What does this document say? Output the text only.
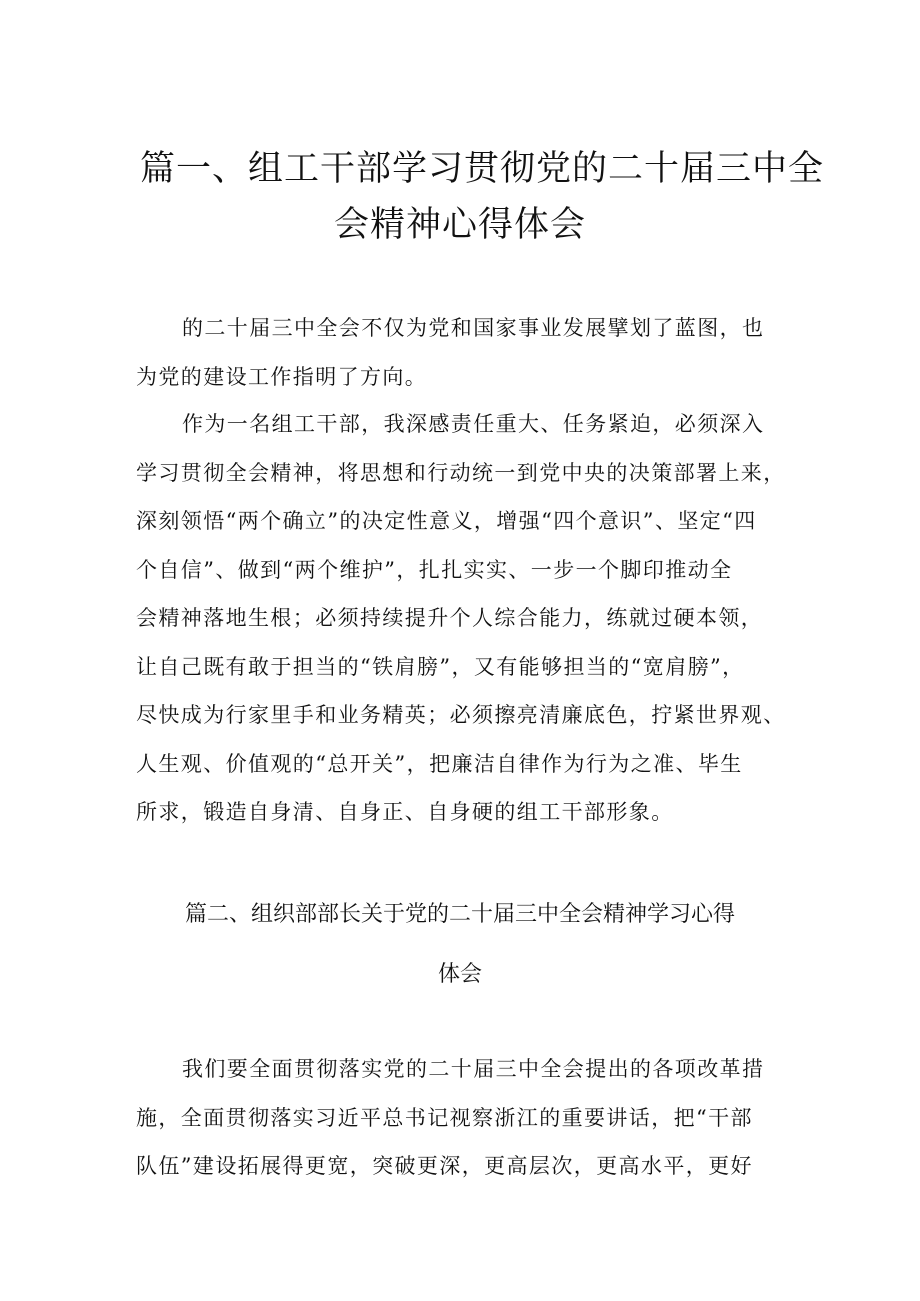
篇一、组工干部学习贯彻党的二十届三中全
会精神心得体会
的二十届三中全会不仅为党和国家事业发展擘划了蓝图，也
为党的建设工作指明了方向。
作为一名组工干部，我深感责任重大、任务紧迫，必须深入
学习贯彻全会精神，将思想和行动统一到党中央的决策部署上来，
深刻领悟“两个确立”的决定性意义，增强“四个意识”、坚定“四
个自信”、做到“两个维护”，扎扎实实、一步一个脚印推动全
会精神落地生根；必须持续提升个人综合能力，练就过硬本领，
让自己既有敢于担当的“铁肩膀”，又有能够担当的“宽肩膀”，
尽快成为行家里手和业务精英；必须擦亮清廉底色，拧紧世界观、
人生观、价值观的“总开关”，把廉洁自律作为行为之准、毕生
所求，锻造自身清、自身正、自身硬的组工干部形象。
篇二、组织部部长关于党的二十届三中全会精神学习心得
体会
我们要全面贯彻落实党的二十届三中全会提出的各项改革措
施，全面贯彻落实习近平总书记视察浙江的重要讲话，把“干部
队伍”建设拓展得更宽，突破更深，更高层次，更高水平，更好
